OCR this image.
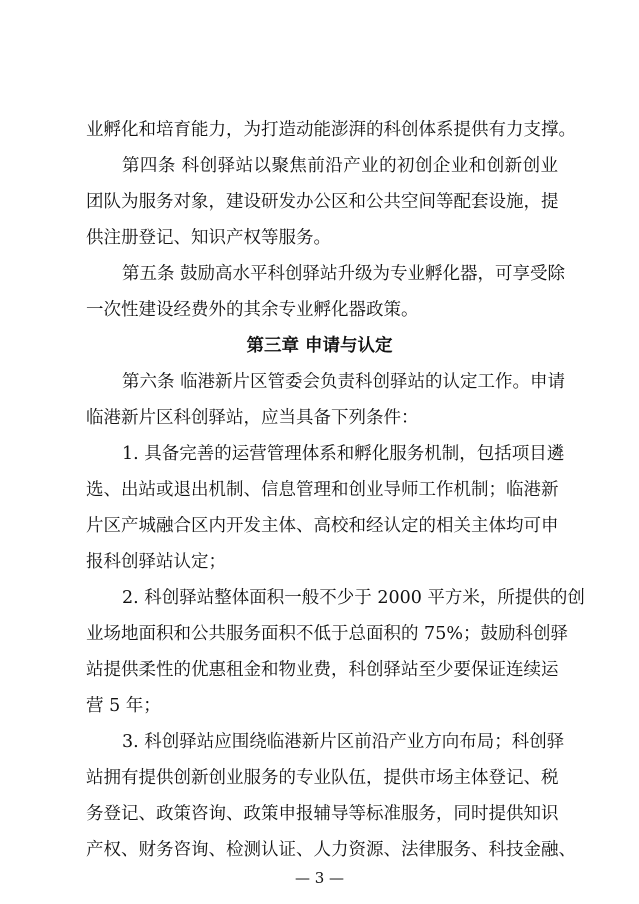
业孵化和培育能力，为打造动能澎湃的科创体系提供有力支撑。
第四条 科创驿站以聚焦前沿产业的初创企业和创新创业
团队为服务对象，建设研发办公区和公共空间等配套设施，提
供注册登记、知识产权等服务。
第五条 鼓励高水平科创驿站升级为专业孵化器，可享受除
一次性建设经费外的其余专业孵化器政策。
第三章 申请与认定
第六条 临港新片区管委会负责科创驿站的认定工作。申请
临港新片区科创驿站，应当具备下列条件：
1. 具备完善的运营管理体系和孵化服务机制，包括项目遴
选、出站或退出机制、信息管理和创业导师工作机制；临港新
片区产城融合区内开发主体、高校和经认定的相关主体均可申
报科创驿站认定；
2. 科创驿站整体面积一般不少于 2000 平方米，所提供的创
业场地面积和公共服务面积不低于总面积的 75%；鼓励科创驿
站提供柔性的优惠租金和物业费，科创驿站至少要保证连续运
营 5 年；
3. 科创驿站应围绕临港新片区前沿产业方向布局；科创驿
站拥有提供创新创业服务的专业队伍，提供市场主体登记、税
务登记、政策咨询、政策申报辅导等标准服务，同时提供知识
产权、财务咨询、检测认证、人力资源、法律服务、科技金融、
— 3 —
